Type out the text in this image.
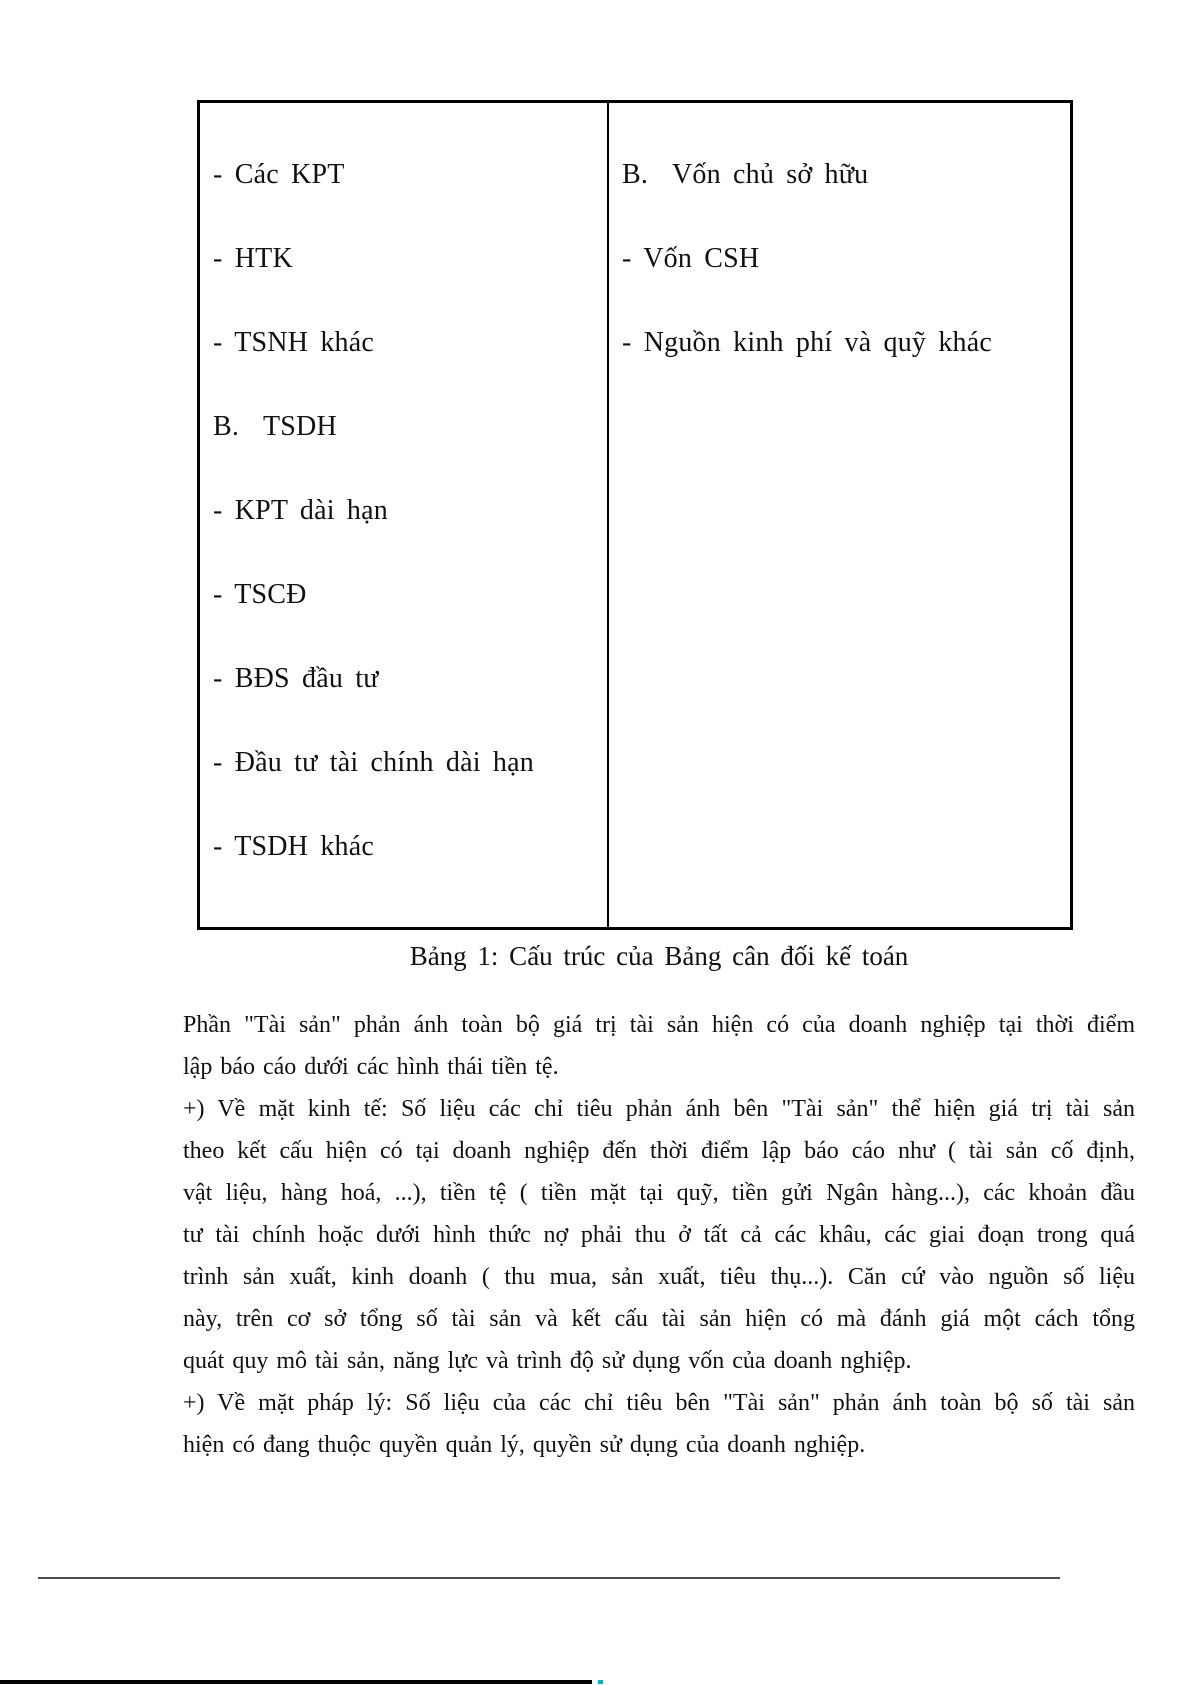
- Các KPT
- HTK
- TSNH khác
B.  TSDH
- KPT dài hạn
- TSCĐ
- BĐS đầu tư
- Đầu tư tài chính dài hạn
- TSDH khác
B.  Vốn chủ sở hữu
- Vốn CSH
- Nguồn kinh phí và quỹ khác
Bảng 1: Cấu trúc của Bảng cân đối kế toán
Phần "Tài sản" phản ánh toàn bộ giá trị tài sản hiện có của doanh nghiệp tại thời điểm
lập báo cáo dưới các hình thái tiền tệ.
+) Về mặt kinh tế: Số liệu các chỉ tiêu phản ánh bên "Tài sản" thể hiện giá trị tài sản
theo kết cấu hiện có tại doanh nghiệp đến thời điểm lập báo cáo như ( tài sản cố định,
vật liệu, hàng hoá, ...), tiền tệ ( tiền mặt tại quỹ, tiền gửi Ngân hàng...), các khoản đầu
tư tài chính hoặc dưới hình thức nợ phải thu ở tất cả các khâu, các giai đoạn trong quá
trình sản xuất, kinh doanh ( thu mua, sản xuất, tiêu thụ...). Căn cứ vào nguồn số liệu
này, trên cơ sở tổng số tài sản và kết cấu tài sản hiện có mà đánh giá một cách tổng
quát quy mô tài sản, năng lực và trình độ sử dụng vốn của doanh nghiệp.
+) Về mặt pháp lý: Số liệu của các chỉ tiêu bên "Tài sản" phản ánh toàn bộ số tài sản
hiện có đang thuộc quyền quản lý, quyền sử dụng của doanh nghiệp.
